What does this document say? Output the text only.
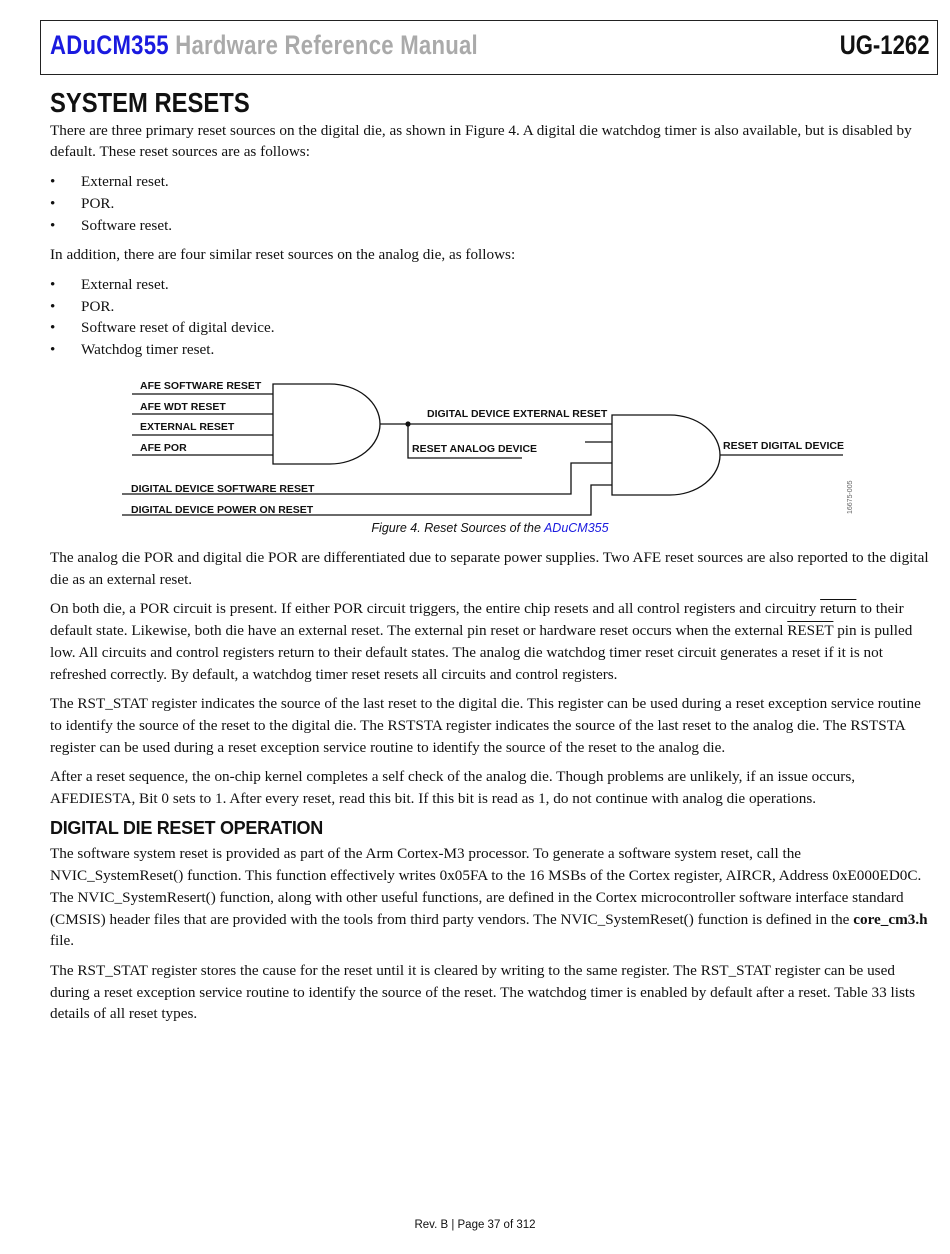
ADuCM355 Hardware Reference Manual	UG-1262
SYSTEM RESETS

There are three primary reset sources on the digital die, as shown in Figure 4. A digital die watchdog timer is also available, but is disabled by default. These reset sources are as follows:

• External reset.
• POR.
• Software reset.

In addition, there are four similar reset sources on the analog die, as follows:

• External reset.
• POR.
• Software reset of digital device.
• Watchdog timer reset.
AFE SOFTWARE RESET
AFE WDT RESET
EXTERNAL RESET
AFE POR
DIGITAL DEVICE EXTERNAL RESET
RESET ANALOG DEVICE
DIGITAL DEVICE SOFTWARE RESET
DIGITAL DEVICE POWER ON RESET
RESET DIGITAL DEVICE
16675-005
Figure 4. Reset Sources of the ADuCM355

The analog die POR and digital die POR are differentiated due to separate power supplies. Two AFE reset sources are also reported to the digital die as an external reset.

On both die, a POR circuit is present. If either POR circuit triggers, the entire chip resets and all control registers and circuitry return to their default state. Likewise, both die have an external reset. The external pin reset or hardware reset occurs when the external RESET pin is pulled low. All circuits and control registers return to their default states. The analog die watchdog timer reset circuit generates a reset if it is not refreshed correctly. By default, a watchdog timer reset resets all circuits and control registers.

The RST_STAT register indicates the source of the last reset to the digital die. This register can be used during a reset exception service routine to identify the source of the reset to the digital die. The RSTSTA register indicates the source of the last reset to the analog die. The RSTSTA register can be used during a reset exception service routine to identify the source of the reset to the analog die.

After a reset sequence, the on-chip kernel completes a self check of the analog die. Though problems are unlikely, if an issue occurs, AFEDIESTA, Bit 0 sets to 1. After every reset, read this bit. If this bit is read as 1, do not continue with analog die operations.

DIGITAL DIE RESET OPERATION

The software system reset is provided as part of the Arm Cortex-M3 processor. To generate a software system reset, call the NVIC_SystemReset() function. This function effectively writes 0x05FA to the 16 MSBs of the Cortex register, AIRCR, Address 0xE000ED0C. The NVIC_SystemResert() function, along with other useful functions, are defined in the Cortex microcontroller software interface standard (CMSIS) header files that are provided with the tools from third party vendors. The NVIC_SystemReset() function is defined in the core_cm3.h file.

The RST_STAT register stores the cause for the reset until it is cleared by writing to the same register. The RST_STAT register can be used during a reset exception service routine to identify the source of the reset. The watchdog timer is enabled by default after a reset. Table 33 lists details of all reset types.

Rev. B | Page 37 of 312
